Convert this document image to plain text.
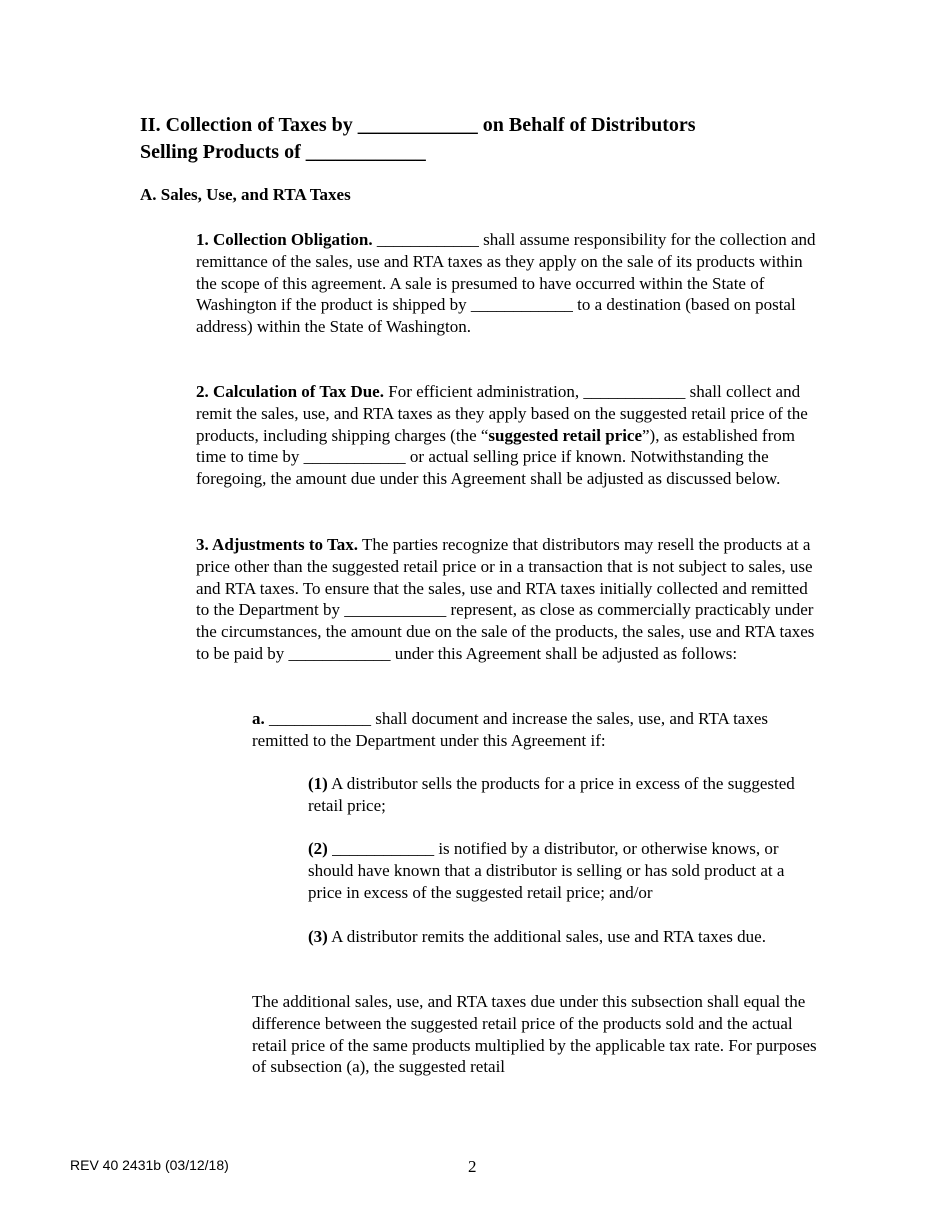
II. Collection of Taxes by ____________ on Behalf of Distributors
Selling Products of ____________
A. Sales, Use, and RTA Taxes

1. Collection Obligation. ____________ shall assume responsibility for the collection and remittance of the sales, use and RTA taxes as they apply on the sale of its products within the scope of this agreement. A sale is presumed to have occurred within the State of Washington if the product is shipped by ____________ to a destination (based on postal address) within the State of Washington.

2. Calculation of Tax Due. For efficient administration, ____________ shall collect and remit the sales, use, and RTA taxes as they apply based on the suggested retail price of the products, including shipping charges (the “suggested retail price”), as established from time to time by ____________ or actual selling price if known. Notwithstanding the foregoing, the amount due under this Agreement shall be adjusted as discussed below.

3. Adjustments to Tax. The parties recognize that distributors may resell the products at a price other than the suggested retail price or in a transaction that is not subject to sales, use and RTA taxes. To ensure that the sales, use and RTA taxes initially collected and remitted to the Department by ____________ represent, as close as commercially practicably under the circumstances, the amount due on the sale of the products, the sales, use and RTA taxes to be paid by ____________ under this Agreement shall be adjusted as follows:

a. ____________ shall document and increase the sales, use, and RTA taxes remitted to the Department under this Agreement if:

(1) A distributor sells the products for a price in excess of the suggested retail price;

(2) ____________ is notified by a distributor, or otherwise knows, or should have known that a distributor is selling or has sold product at a price in excess of the suggested retail price; and/or

(3) A distributor remits the additional sales, use and RTA taxes due.

The additional sales, use, and RTA taxes due under this subsection shall equal the difference between the suggested retail price of the products sold and the actual retail price of the same products multiplied by the applicable tax rate. For purposes of subsection (a), the suggested retail

REV 40 2431b (03/12/18)	2
